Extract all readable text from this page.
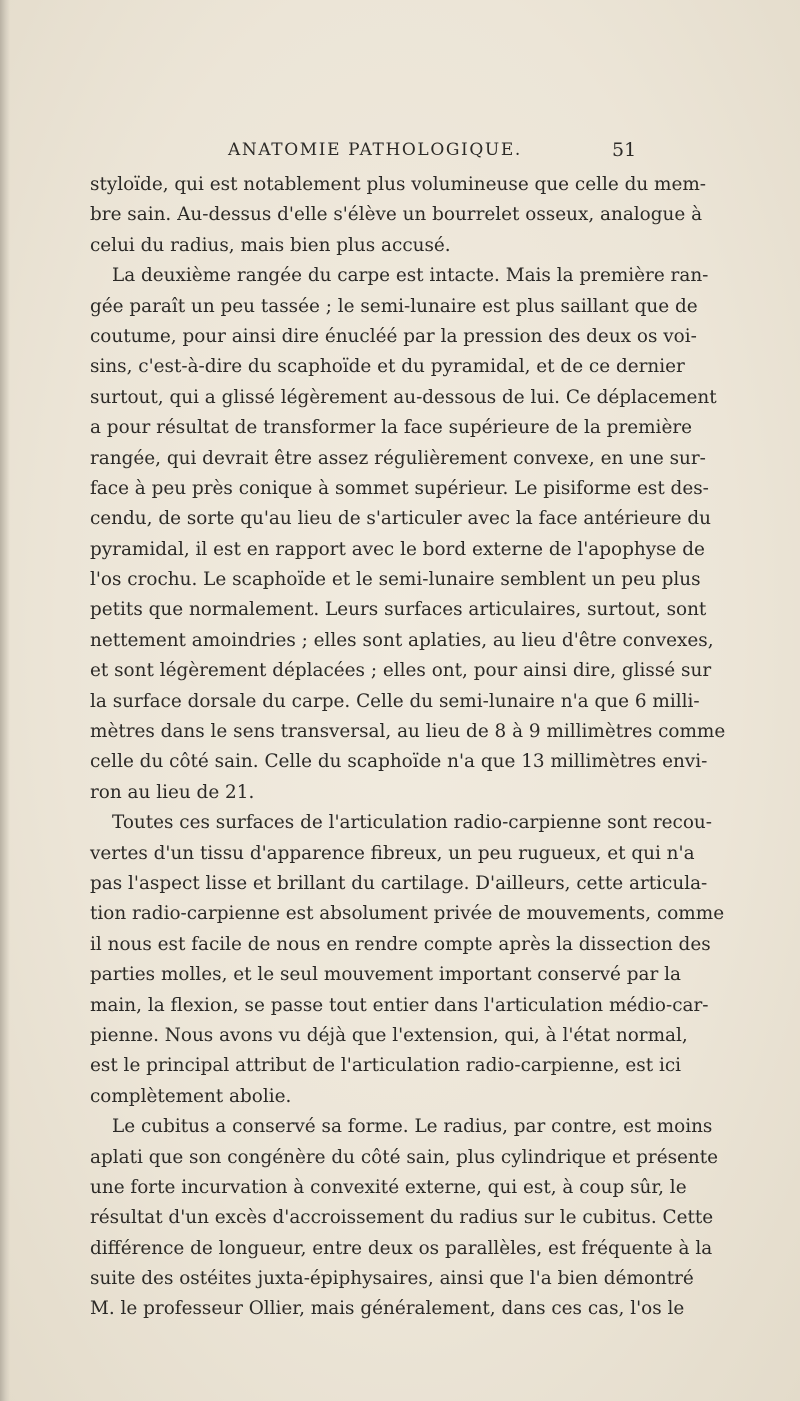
ANATOMIE PATHOLOGIQUE.	51
styloïde, qui est notablement plus volumineuse que celle du mem-
bre sain. Au-dessus d'elle s'élève un bourrelet osseux, analogue à
celui du radius, mais bien plus accusé.
La deuxième rangée du carpe est intacte. Mais la première ran-
gée paraît un peu tassée ; le semi-lunaire est plus saillant que de
coutume, pour ainsi dire énucléé par la pression des deux os voi-
sins, c'est-à-dire du scaphoïde et du pyramidal, et de ce dernier
surtout, qui a glissé légèrement au-dessous de lui. Ce déplacement
a pour résultat de transformer la face supérieure de la première
rangée, qui devrait être assez régulièrement convexe, en une sur-
face à peu près conique à sommet supérieur. Le pisiforme est des-
cendu, de sorte qu'au lieu de s'articuler avec la face antérieure du
pyramidal, il est en rapport avec le bord externe de l'apophyse de
l'os crochu. Le scaphoïde et le semi-lunaire semblent un peu plus
petits que normalement. Leurs surfaces articulaires, surtout, sont
nettement amoindries ; elles sont aplaties, au lieu d'être convexes,
et sont légèrement déplacées ; elles ont, pour ainsi dire, glissé sur
la surface dorsale du carpe. Celle du semi-lunaire n'a que 6 milli-
mètres dans le sens transversal, au lieu de 8 à 9 millimètres comme
celle du côté sain. Celle du scaphoïde n'a que 13 millimètres envi-
ron au lieu de 21.
Toutes ces surfaces de l'articulation radio-carpienne sont recou-
vertes d'un tissu d'apparence fibreux, un peu rugueux, et qui n'a
pas l'aspect lisse et brillant du cartilage. D'ailleurs, cette articula-
tion radio-carpienne est absolument privée de mouvements, comme
il nous est facile de nous en rendre compte après la dissection des
parties molles, et le seul mouvement important conservé par la
main, la flexion, se passe tout entier dans l'articulation médio-car-
pienne. Nous avons vu déjà que l'extension, qui, à l'état normal,
est le principal attribut de l'articulation radio-carpienne, est ici
complètement abolie.
Le cubitus a conservé sa forme. Le radius, par contre, est moins
aplati que son congénère du côté sain, plus cylindrique et présente
une forte incurvation à convexité externe, qui est, à coup sûr, le
résultat d'un excès d'accroissement du radius sur le cubitus. Cette
différence de longueur, entre deux os parallèles, est fréquente à la
suite des ostéites juxta-épiphysaires, ainsi que l'a bien démontré
M. le professeur Ollier, mais généralement, dans ces cas, l'os le
